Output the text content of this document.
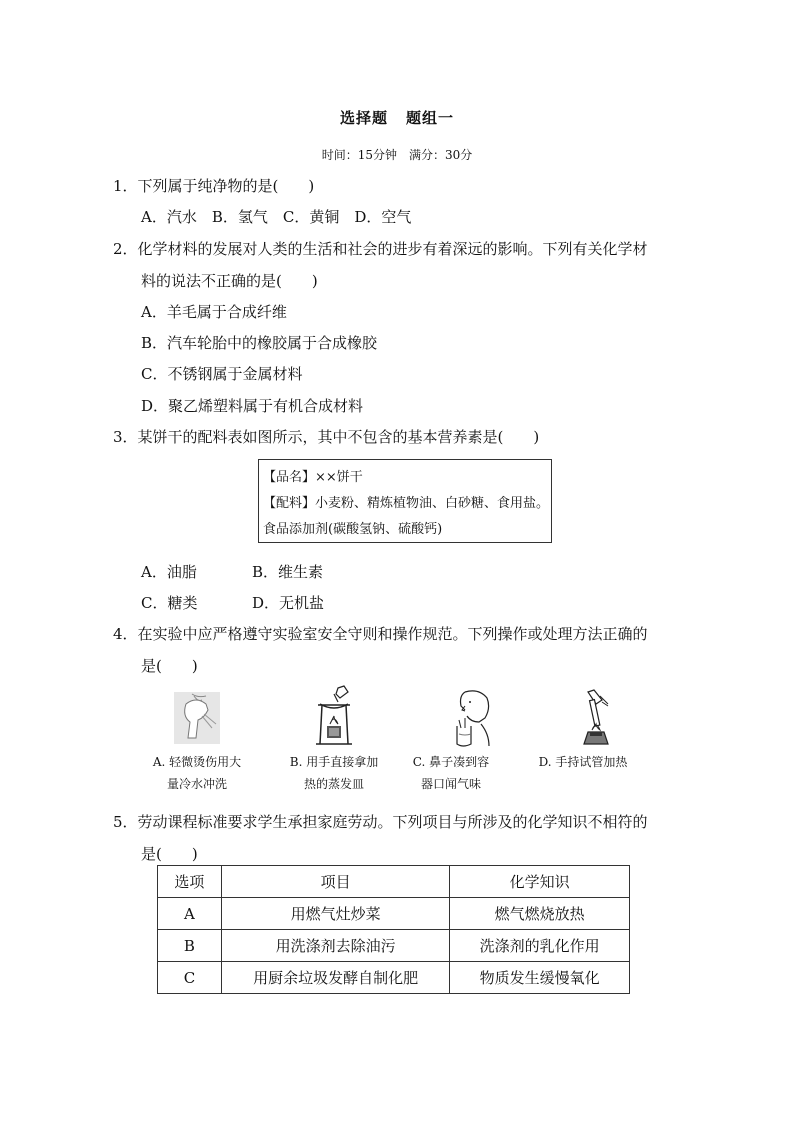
选择题 题组一
时间：15分钟　满分：30分
1．下列属于纯净物的是(　　)
A．汽水　B．氢气　C．黄铜　D．空气
2．化学材料的发展对人类的生活和社会的进步有着深远的影响。下列有关化学材
料的说法不正确的是(　　)
A．羊毛属于合成纤维
B．汽车轮胎中的橡胶属于合成橡胶
C．不锈钢属于金属材料
D．聚乙烯塑料属于有机合成材料
3．某饼干的配料表如图所示，其中不包含的基本营养素是(　　)
【品名】××饼干
【配料】小麦粉、精炼植物油、白砂糖、食用盐。
食品添加剂(碳酸氢钠、硫酸钙)
A．油脂	B．维生素
C．糖类	D．无机盐
4．在实验中应严格遵守实验室安全守则和操作规范。下列操作或处理方法正确的
是(　　)
A. 轻微烫伤用大
量冷水冲洗
B. 用手直接拿加
热的蒸发皿
C. 鼻子凑到容
器口闻气味
D. 手持试管加热
5．劳动课程标准要求学生承担家庭劳动。下列项目与所涉及的化学知识不相符的
是(　　)
选项	项目	化学知识
A	用燃气灶炒菜	燃气燃烧放热
B	用洗涤剂去除油污	洗涤剂的乳化作用
C	用厨余垃圾发酵自制化肥	物质发生缓慢氧化
